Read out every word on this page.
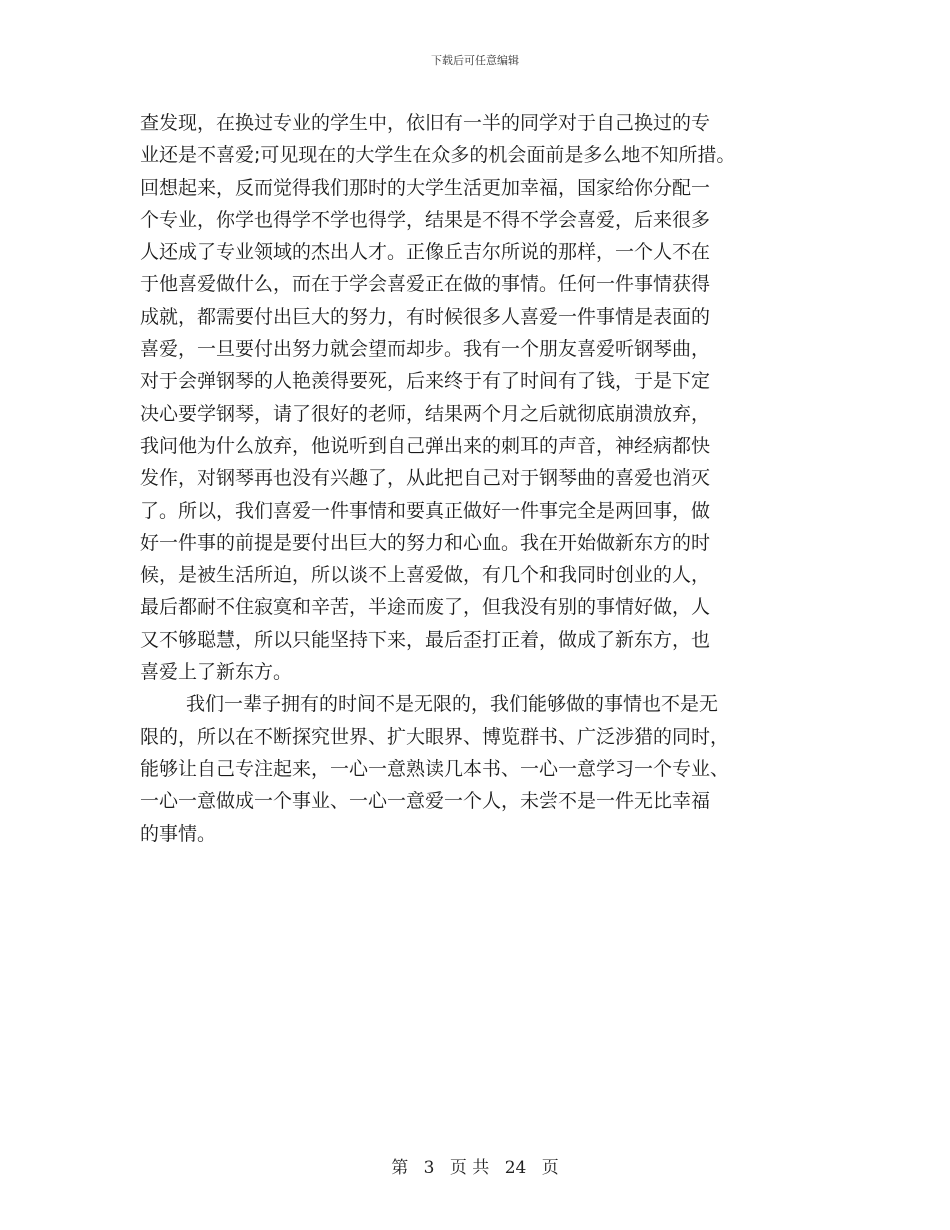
下载后可任意编辑
查发现，在换过专业的学生中，依旧有一半的同学对于自己换过的专
业还是不喜爱;可见现在的大学生在众多的机会面前是多么地不知所措。
回想起来，反而觉得我们那时的大学生活更加幸福，国家给你分配一
个专业，你学也得学不学也得学，结果是不得不学会喜爱，后来很多
人还成了专业领域的杰出人才。正像丘吉尔所说的那样，一个人不在
于他喜爱做什么，而在于学会喜爱正在做的事情。任何一件事情获得
成就，都需要付出巨大的努力，有时候很多人喜爱一件事情是表面的
喜爱，一旦要付出努力就会望而却步。我有一个朋友喜爱听钢琴曲，
对于会弹钢琴的人艳羡得要死，后来终于有了时间有了钱，于是下定
决心要学钢琴，请了很好的老师，结果两个月之后就彻底崩溃放弃，
我问他为什么放弃，他说听到自己弹出来的刺耳的声音，神经病都快
发作，对钢琴再也没有兴趣了，从此把自己对于钢琴曲的喜爱也消灭
了。所以，我们喜爱一件事情和要真正做好一件事完全是两回事，做
好一件事的前提是要付出巨大的努力和心血。我在开始做新东方的时
候，是被生活所迫，所以谈不上喜爱做，有几个和我同时创业的人，
最后都耐不住寂寞和辛苦，半途而废了，但我没有别的事情好做，人
又不够聪慧，所以只能坚持下来，最后歪打正着，做成了新东方，也
喜爱上了新东方。
我们一辈子拥有的时间不是无限的，我们能够做的事情也不是无
限的，所以在不断探究世界、扩大眼界、博览群书、广泛涉猎的同时，
能够让自己专注起来，一心一意熟读几本书、一心一意学习一个专业、
一心一意做成一个事业、一心一意爱一个人，未尝不是一件无比幸福
的事情。
第 3 页 共 24 页
